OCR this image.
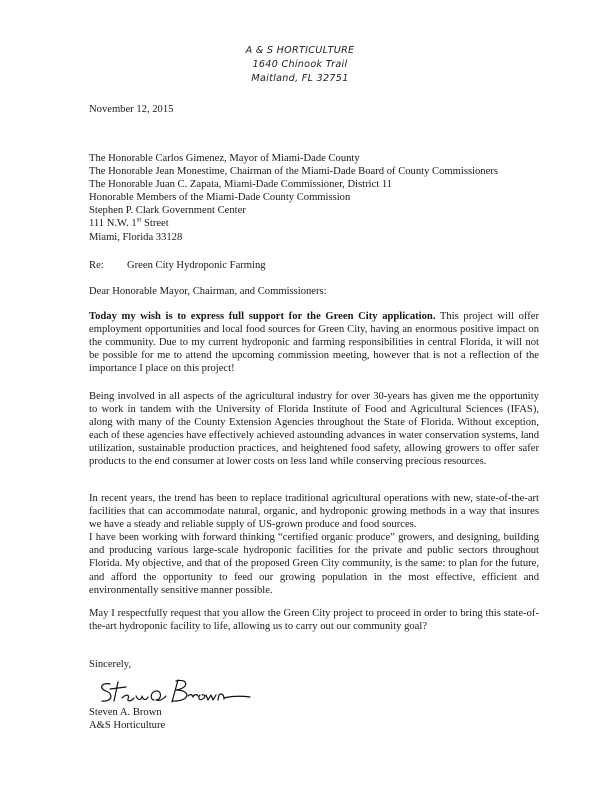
A & S HORTICULTURE
1640 Chinook Trail
Maitland, FL 32751
November 12, 2015
The Honorable Carlos Gimenez, Mayor of Miami-Dade County
The Honorable Jean Monestime, Chairman of the Miami-Dade Board of County Commissioners
The Honorable Juan C. Zapata, Miami-Dade Commissioner, District 11
Honorable Members of the Miami-Dade County Commission
Stephen P. Clark Government Center
111 N.W. 1st Street
Miami, Florida 33128
Re: Green City Hydroponic Farming
Dear Honorable Mayor, Chairman, and Commissioners:
Today my wish is to express full support for the Green City application. This project will offer employment opportunities and local food sources for Green City, having an enormous positive impact on the community. Due to my current hydroponic and farming responsibilities in central Florida, it will not be possible for me to attend the upcoming commission meeting, however that is not a reflection of the importance I place on this project!
Being involved in all aspects of the agricultural industry for over 30-years has given me the opportunity to work in tandem with the University of Florida Institute of Food and Agricultural Sciences (IFAS), along with many of the County Extension Agencies throughout the State of Florida. Without exception, each of these agencies have effectively achieved astounding advances in water conservation systems, land utilization, sustainable production practices, and heightened food safety, allowing growers to offer safer products to the end consumer at lower costs on less land while conserving precious resources.
In recent years, the trend has been to replace traditional agricultural operations with new, state-of-the-art facilities that can accommodate natural, organic, and hydroponic growing methods in a way that insures we have a steady and reliable supply of US-grown produce and food sources.
I have been working with forward thinking “certified organic produce” growers, and designing, building and producing various large-scale hydroponic facilities for the private and public sectors throughout Florida. My objective, and that of the proposed Green City community, is the same: to plan for the future, and afford the opportunity to feed our growing population in the most effective, efficient and environmentally sensitive manner possible.
May I respectfully request that you allow the Green City project to proceed in order to bring this state-of-the-art hydroponic facility to life, allowing us to carry out our community goal?
Sincerely,
Steven A. Brown
A&S Horticulture
